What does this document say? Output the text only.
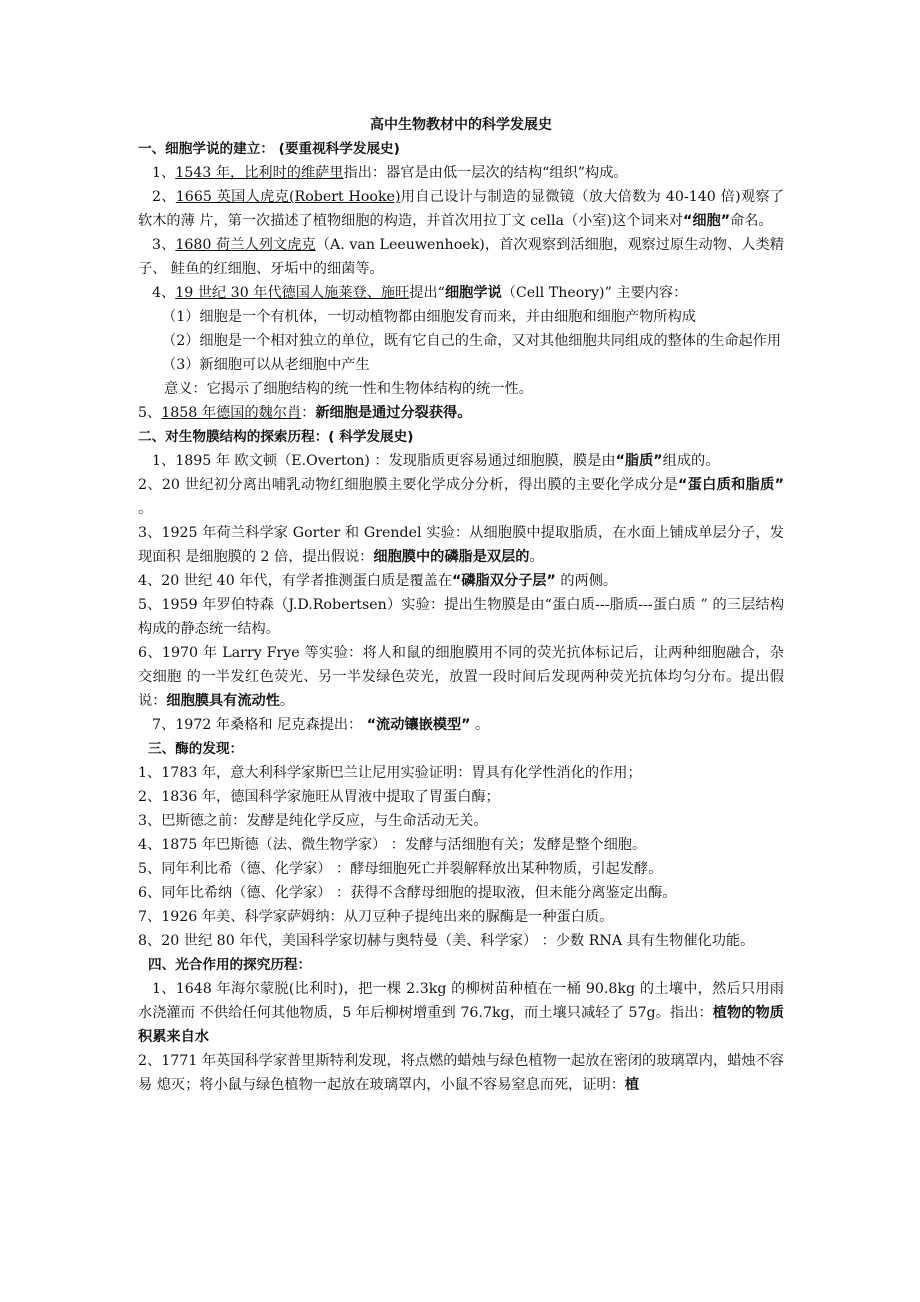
高中生物教材中的科学发展史
一、细胞学说的建立： (要重视科学发展史)

1、1543 年，比利时的维萨里指出：器官是由低一层次的结构“组织”构成。

2、1665 英国人虎克(Robert Hooke)用自己设计与制造的显微镜（放大倍数为 40-140 倍)观察了软木的薄 片，第一次描述了植物细胞的构造，并首次用拉丁文 cella（小室)这个词来对“细胞”命名。

3、1680 荷兰人列文虎克（A. van Leeuwenhoek)，首次观察到活细胞，观察过原生动物、人类精子、 鲑鱼的红细胞、牙垢中的细菌等。

4、19 世纪 30 年代德国人施莱登、施旺提出“细胞学说（Cell Theory)” 主要内容：

（1）细胞是一个有机体，一切动植物都由细胞发育而来，并由细胞和细胞产物所构成

（2）细胞是一个相对独立的单位，既有它自己的生命，又对其他细胞共同组成的整体的生命起作用

（3）新细胞可以从老细胞中产生

意义：它揭示了细胞结构的统一性和生物体结构的统一性。

5、1858 年德国的魏尔肖：新细胞是通过分裂获得。

二、对生物膜结构的探索历程：( 科学发展史)

1、1895 年 欧文顿（E.Overton) ：发现脂质更容易通过细胞膜，膜是由“脂质”组成的。

2、20 世纪初分离出哺乳动物红细胞膜主要化学成分分析，得出膜的主要化学成分是“蛋白质和脂质” 。

3、1925 年荷兰科学家 Gorter 和 Grendel 实验：从细胞膜中提取脂质，在水面上铺成单层分子，发现面积 是细胞膜的 2 倍，提出假说：细胞膜中的磷脂是双层的。

4、20 世纪 40 年代，有学者推测蛋白质是覆盖在“磷脂双分子层” 的两侧。

5、1959 年罗伯特森（J.D.Robertsen）实验：提出生物膜是由“蛋白质---脂质---蛋白质 ” 的三层结构构成的静态统一结构。

6、1970 年 Larry Frye 等实验：将人和鼠的细胞膜用不同的荧光抗体标记后，让两种细胞融合，杂交细胞 的一半发红色荧光、另一半发绿色荧光，放置一段时间后发现两种荧光抗体均匀分布。提出假说：细胞膜具有流动性。

7、1972 年桑格和 尼克森提出： “流动镶嵌模型” 。

三、酶的发现：

1、1783 年，意大利科学家斯巴兰让尼用实验证明：胃具有化学性消化的作用；

2、1836 年，德国科学家施旺从胃液中提取了胃蛋白酶；

3、巴斯德之前：发酵是纯化学反应，与生命活动无关。

4、1875 年巴斯德（法、微生物学家） ：发酵与活细胞有关；发酵是整个细胞。

5、同年利比希（德、化学家） ：酵母细胞死亡并裂解释放出某种物质，引起发酵。

6、同年比希纳（德、化学家） ：获得不含酵母细胞的提取液，但未能分离鉴定出酶。

7、1926 年美、科学家萨姆纳：从刀豆种子提纯出来的脲酶是一种蛋白质。

8、20 世纪 80 年代，美国科学家切赫与奥特曼（美、科学家） ：少数 RNA 具有生物催化功能。

四、光合作用的探究历程：

1、1648 年海尔蒙脱(比利时)，把一棵 2.3kg 的柳树苗种植在一桶 90.8kg 的土壤中，然后只用雨水浇灌而 不供给任何其他物质，5 年后柳树增重到 76.7kg，而土壤只减轻了 57g。指出：植物的物质积累来自水

2、1771 年英国科学家普里斯特利发现，将点燃的蜡烛与绿色植物一起放在密闭的玻璃罩内，蜡烛不容易 熄灭；将小鼠与绿色植物一起放在玻璃罩内，小鼠不容易窒息而死，证明：植
